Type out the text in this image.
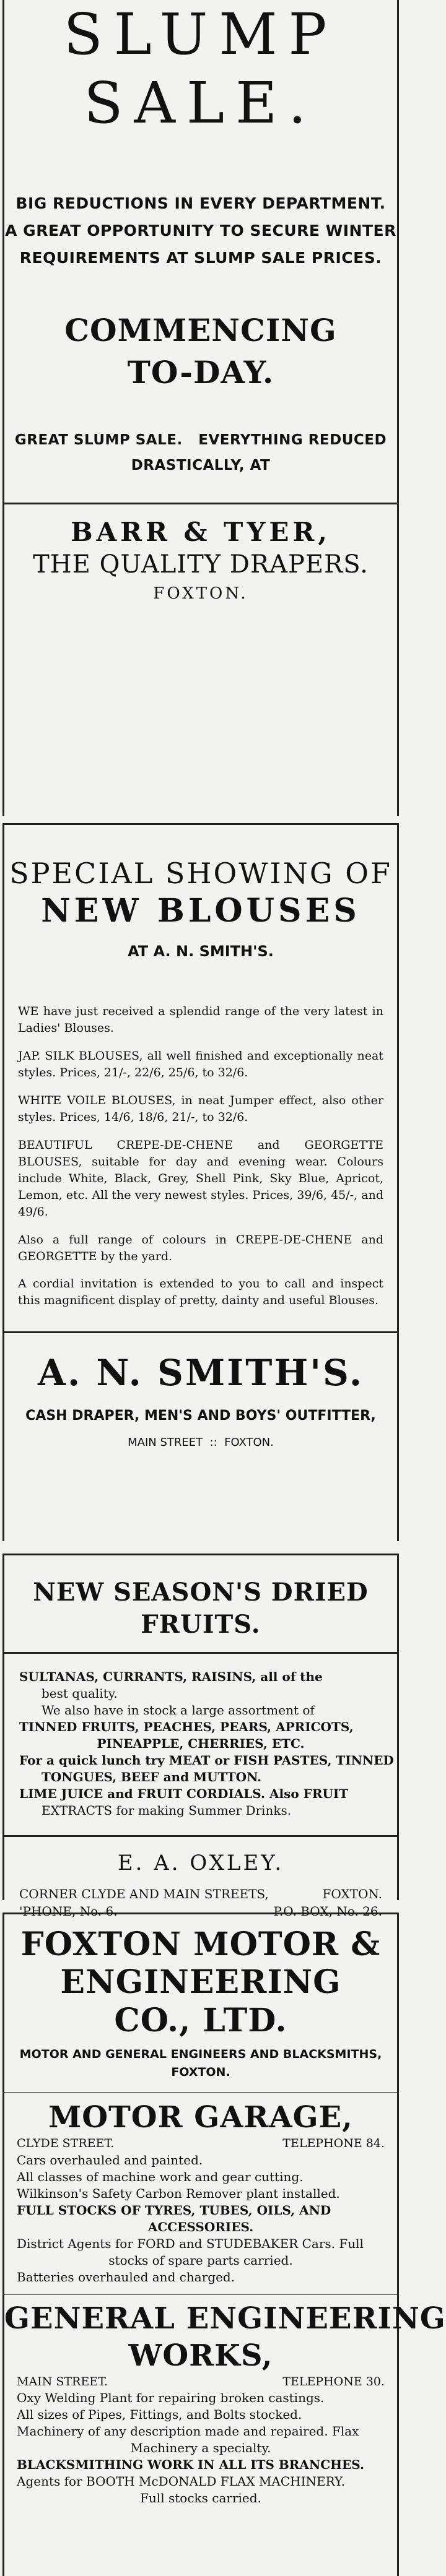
SLUMP
SALE.
BIG REDUCTIONS IN EVERY DEPARTMENT.
A GREAT OPPORTUNITY TO SECURE WINTER
REQUIREMENTS AT SLUMP SALE PRICES.
COMMENCING
TO-DAY.
GREAT SLUMP SALE.   EVERYTHING REDUCED
DRASTICALLY, AT
BARR & TYER,
THE QUALITY DRAPERS.
FOXTON.
SPECIAL SHOWING OF
NEW BLOUSES
AT A. N. SMITH'S.

WE have just received a splendid range of the very latest in Ladies' Blouses.

JAP. SILK BLOUSES, all well finished and exceptionally neat styles. Prices, 21/-, 22/6, 25/6, to 32/6.

WHITE VOILE BLOUSES, in neat Jumper effect, also other styles. Prices, 14/6, 18/6, 21/-, to 32/6.

BEAUTIFUL CREPE-DE-CHENE and GEORGETTE BLOUSES, suitable for day and evening wear. Colours include White, Black, Grey, Shell Pink, Sky Blue, Apricot, Lemon, etc. All the very newest styles. Prices, 39/6, 45/-, and 49/6.

Also a full range of colours in CREPE-DE-CHENE and GEORGETTE by the yard.

A cordial invitation is extended to you to call and inspect this magnificent display of pretty, dainty and useful Blouses.

A. N. SMITH'S.
CASH DRAPER, MEN'S AND BOYS' OUTFITTER,
MAIN STREET  ::  FOXTON.
NEW SEASON'S DRIED FRUITS.
SULTANAS, CURRANTS, RAISINS, all of the
best quality.
We also have in stock a large assortment of
TINNED FRUITS, PEACHES, PEARS, APRICOTS,
PINEAPPLE, CHERRIES, ETC.
For a quick lunch try MEAT or FISH PASTES, TINNED
TONGUES, BEEF and MUTTON.
LIME JUICE and FRUIT CORDIALS. Also FRUIT
EXTRACTS for making Summer Drinks.
E. A. OXLEY.
CORNER CLYDE AND MAIN STREETS,	FOXTON.
'PHONE, No. 6.	P.O. BOX, No. 26.
FOXTON MOTOR &
ENGINEERING
CO., LTD.
MOTOR AND GENERAL ENGINEERS AND BLACKSMITHS,
FOXTON.
MOTOR GARAGE,
CLYDE STREET.	TELEPHONE 84.
Cars overhauled and painted.
All classes of machine work and gear cutting.
Wilkinson's Safety Carbon Remover plant installed.
FULL STOCKS OF TYRES, TUBES, OILS, AND
ACCESSORIES.
District Agents for FORD and STUDEBAKER Cars. Full
stocks of spare parts carried.
Batteries overhauled and charged.
GENERAL ENGINEERING
WORKS,
MAIN STREET.	TELEPHONE 30.
Oxy Welding Plant for repairing broken castings.
All sizes of Pipes, Fittings, and Bolts stocked.
Machinery of any description made and repaired. Flax
Machinery a specialty.
BLACKSMITHING WORK IN ALL ITS BRANCHES.
Agents for BOOTH McDONALD FLAX MACHINERY.
Full stocks carried.
